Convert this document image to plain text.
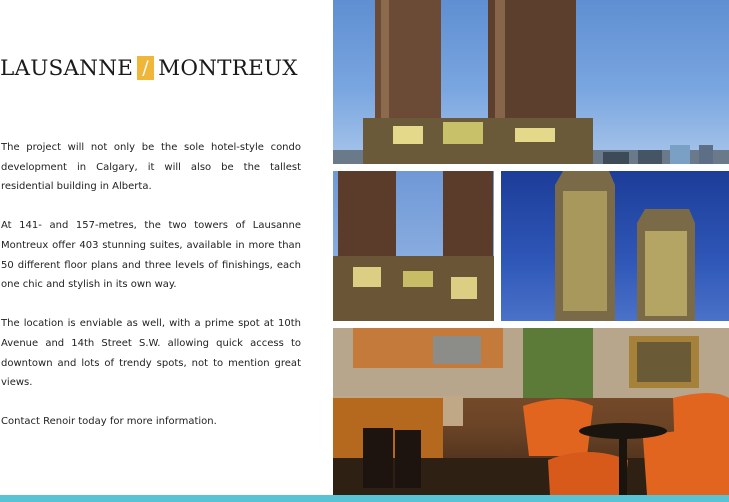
LAUSANNE / MONTREUX

The project will not only be the sole hotel-style condo development in Calgary, it will also be the tallest residential building in Alberta.

At 141- and 157-metres, the two towers of Lausanne Montreux offer 403 stunning suites, available in more than 50 different floor plans and three levels of finishings, each one chic and stylish in its own way.

The location is enviable as well, with a prime spot at 10th Avenue and 14th Street S.W. allowing quick access to downtown and lots of trendy spots, not to mention great views.

Contact Renoir today for more information.
